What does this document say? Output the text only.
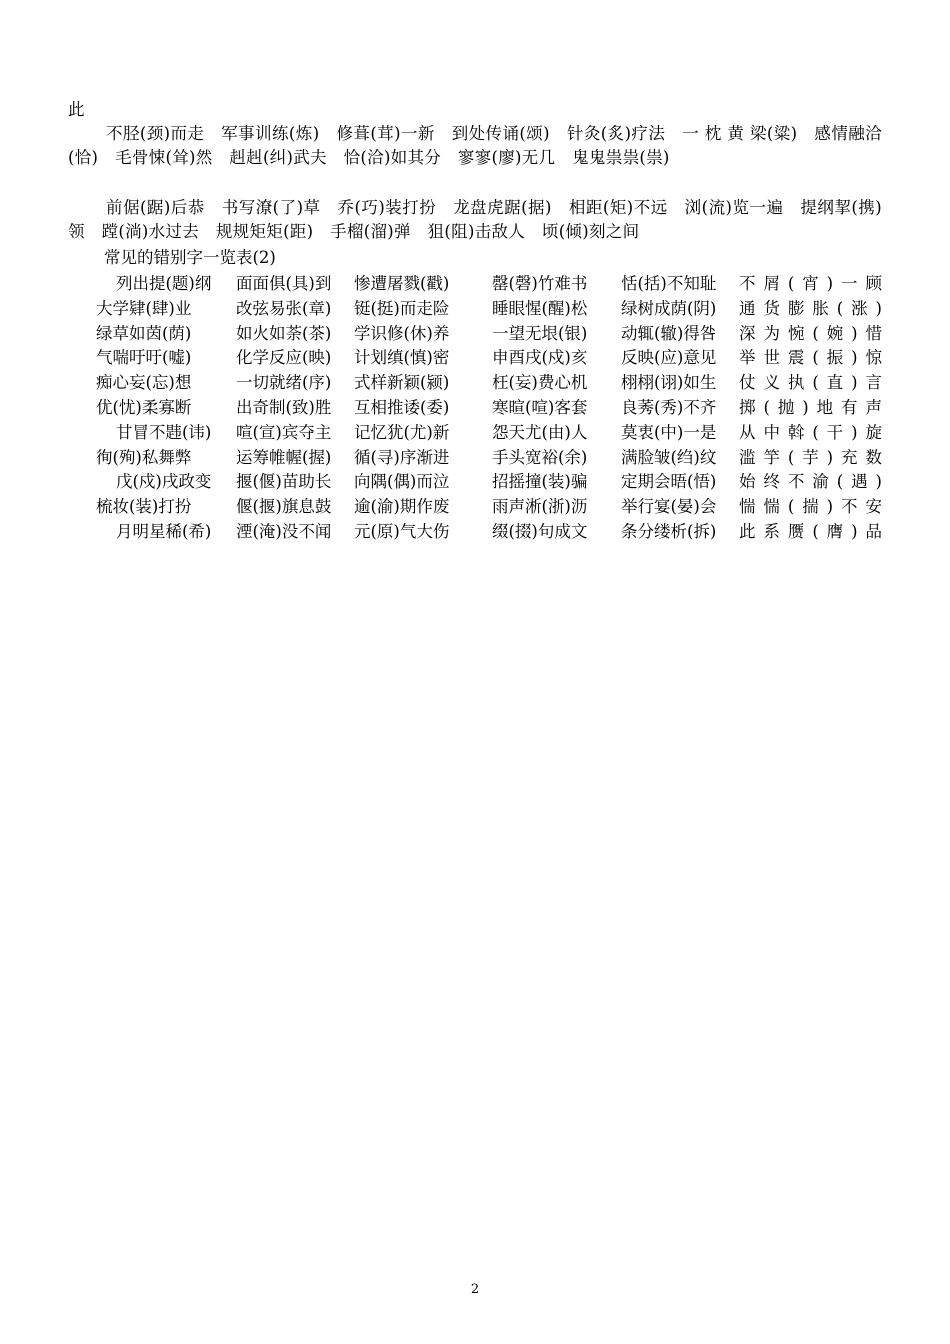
此
不胫(颈)而走　军事训练(炼)　修葺(茸)一新　到处传诵(颂)　针灸(炙)疗法　一 枕 黄 梁(粱)　感情融洽(恰)　毛骨悚(耸)然　赳赳(纠)武夫　恰(洽)如其分　寥寥(廖)无几　鬼鬼祟祟(祟)
前倨(踞)后恭　书写潦(了)草　乔(巧)装打扮　龙盘虎踞(据)　相距(矩)不远　浏(流)览一遍　提纲挈(携)领　蹚(淌)水过去　规规矩矩(距)　手榴(溜)弹　狙(阻)击敌人　顷(倾)刻之间
常见的错别字一览表(2)
列出提(题)纲 面面俱(具)到 惨遭屠戮(戳)	罄(磬)竹难书 恬(括)不知耻 不屑(宵)一顾
大学肄(肆)业	改弦易张(章) 铤(挺)而走险	睡眼惺(醒)松 绿树成荫(阴) 通货膨胀(涨)
绿草如茵(荫)	如火如荼(茶) 学识修(休)养	一望无垠(银) 动辄(辙)得咎 深为惋(婉)惜
气喘吁吁(嘘)	化学反应(映) 计划缜(慎)密	申酉戌(戍)亥 反映(应)意见 举世震(振)惊
痴心妄(忘)想	一切就绪(序) 式样新颖(颍)	枉(妄)费心机 栩栩(诩)如生 仗义执(直)言
优(忧)柔寡断	出奇制(致)胜 互相推诿(委)	寒暄(喧)客套 良莠(秀)不齐 掷(抛)地有声
甘冒不韪(讳) 喧(宣)宾夺主 记忆犹(尤)新	怨天尤(由)人 莫衷(中)一是 从中斡(干)旋
徇(殉)私舞弊	运筹帷幄(握) 循(寻)序渐进	手头宽裕(余) 满脸皱(绉)纹 滥竽(芋)充数
戊(戍)戌政变 揠(偃)苗助长 向隅(偶)而泣	招摇撞(装)骗 定期会晤(悟) 始终不渝(遇)
梳妆(装)打扮	偃(揠)旗息鼓 逾(渝)期作废	雨声淅(浙)沥 举行宴(晏)会 惴惴(揣)不安
月明星稀(希) 湮(淹)没不闻 元(原)气大伤	缀(掇)句成文 条分缕析(拆) 此系赝(膺)品
2
